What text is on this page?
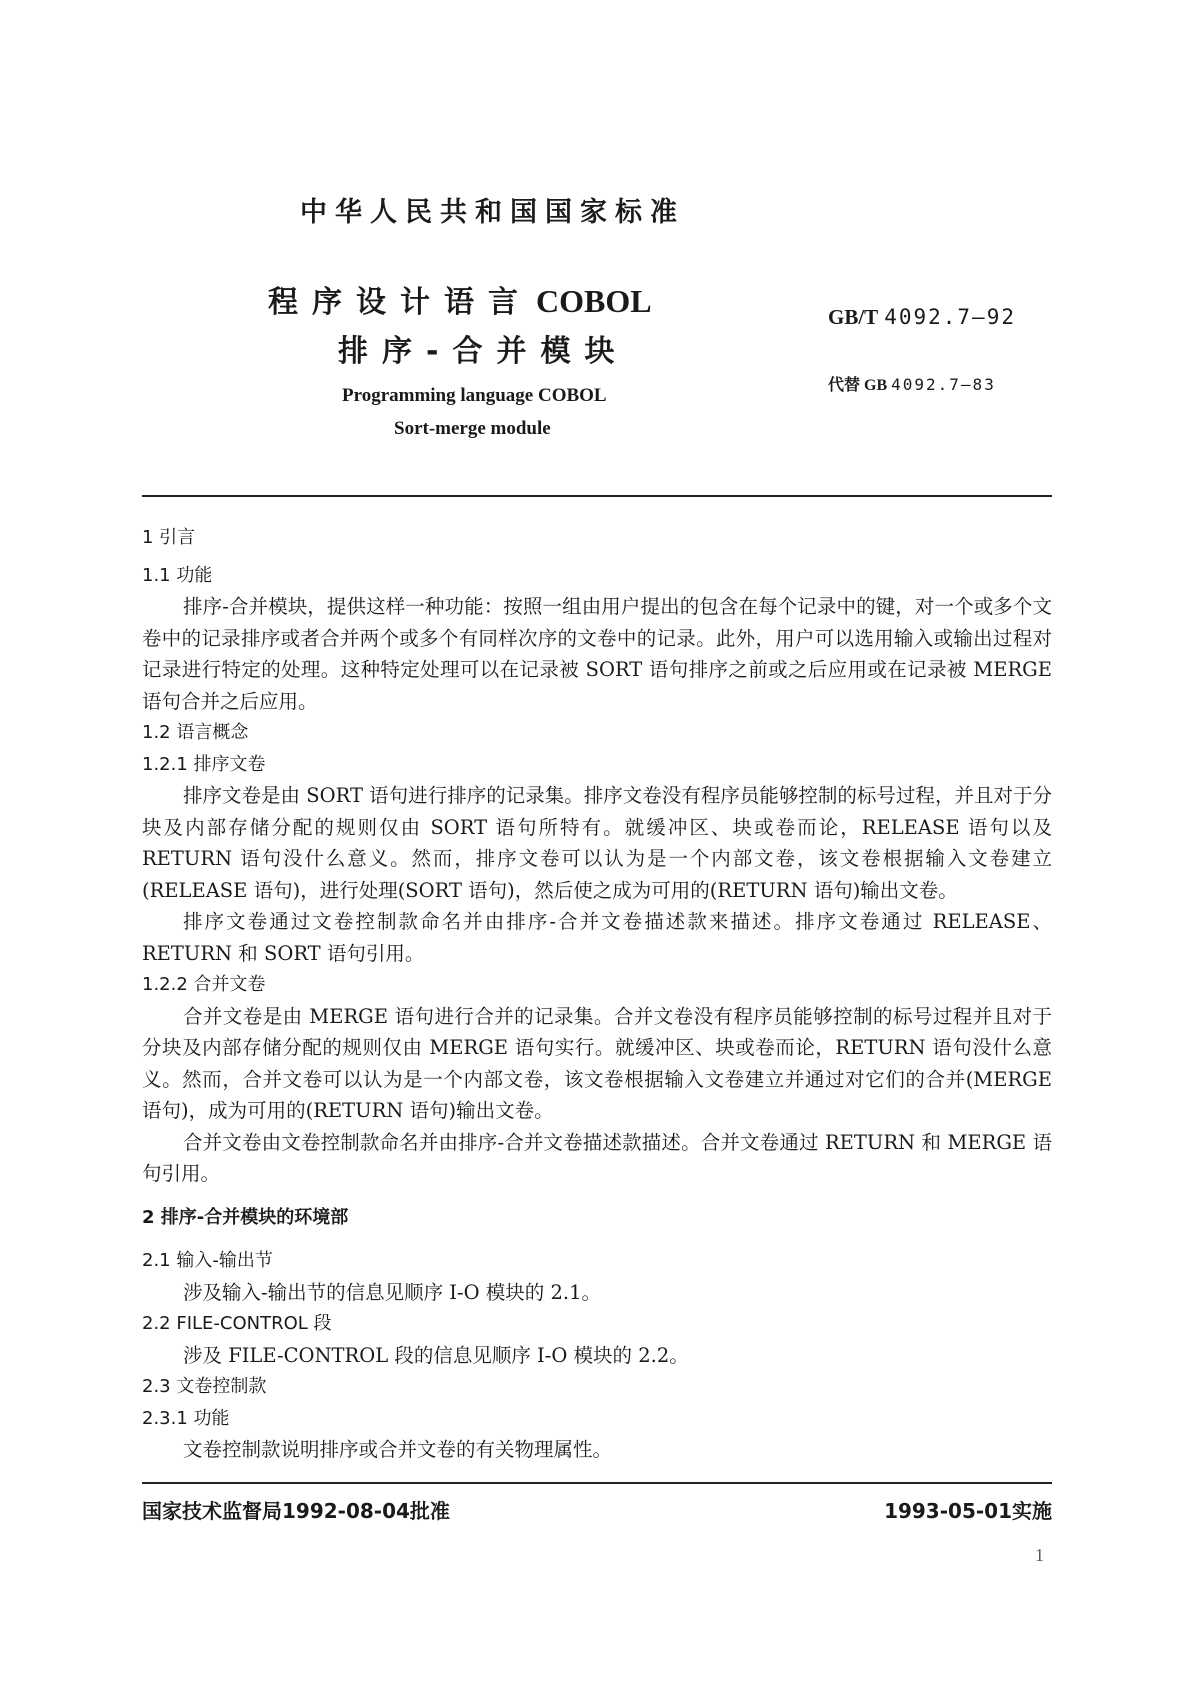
中华人民共和国国家标准
程序设计语言 COBOL
排序-合并模块
GB/T 4092.7—92
代替 GB 4092.7—83
Programming language COBOL
Sort-merge module

1 引言

1.1 功能

排序-合并模块，提供这样一种功能：按照一组由用户提出的包含在每个记录中的键，对一个或多个文卷中的记录排序或者合并两个或多个有同样次序的文卷中的记录。此外，用户可以选用输入或输出过程对记录进行特定的处理。这种特定处理可以在记录被 SORT 语句排序之前或之后应用或在记录被 MERGE 语句合并之后应用。

1.2 语言概念

1.2.1 排序文卷

排序文卷是由 SORT 语句进行排序的记录集。排序文卷没有程序员能够控制的标号过程，并且对于分块及内部存储分配的规则仅由 SORT 语句所特有。就缓冲区、块或卷而论，RELEASE 语句以及 RETURN 语句没什么意义。然而，排序文卷可以认为是一个内部文卷，该文卷根据输入文卷建立(RELEASE 语句)，进行处理(SORT 语句)，然后使之成为可用的(RETURN 语句)输出文卷。

排序文卷通过文卷控制款命名并由排序-合并文卷描述款来描述。排序文卷通过 RELEASE、RETURN 和 SORT 语句引用。

1.2.2 合并文卷

合并文卷是由 MERGE 语句进行合并的记录集。合并文卷没有程序员能够控制的标号过程并且对于分块及内部存储分配的规则仅由 MERGE 语句实行。就缓冲区、块或卷而论，RETURN 语句没什么意义。然而，合并文卷可以认为是一个内部文卷，该文卷根据输入文卷建立并通过对它们的合并(MERGE 语句)，成为可用的(RETURN 语句)输出文卷。

合并文卷由文卷控制款命名并由排序-合并文卷描述款描述。合并文卷通过 RETURN 和 MERGE 语句引用。

2 排序-合并模块的环境部

2.1 输入-输出节

涉及输入-输出节的信息见顺序 I-O 模块的 2.1。

2.2 FILE-CONTROL 段

涉及 FILE-CONTROL 段的信息见顺序 I-O 模块的 2.2。

2.3 文卷控制款

2.3.1 功能

文卷控制款说明排序或合并文卷的有关物理属性。

国家技术监督局1992-08-04批准	1993-05-01实施
1
